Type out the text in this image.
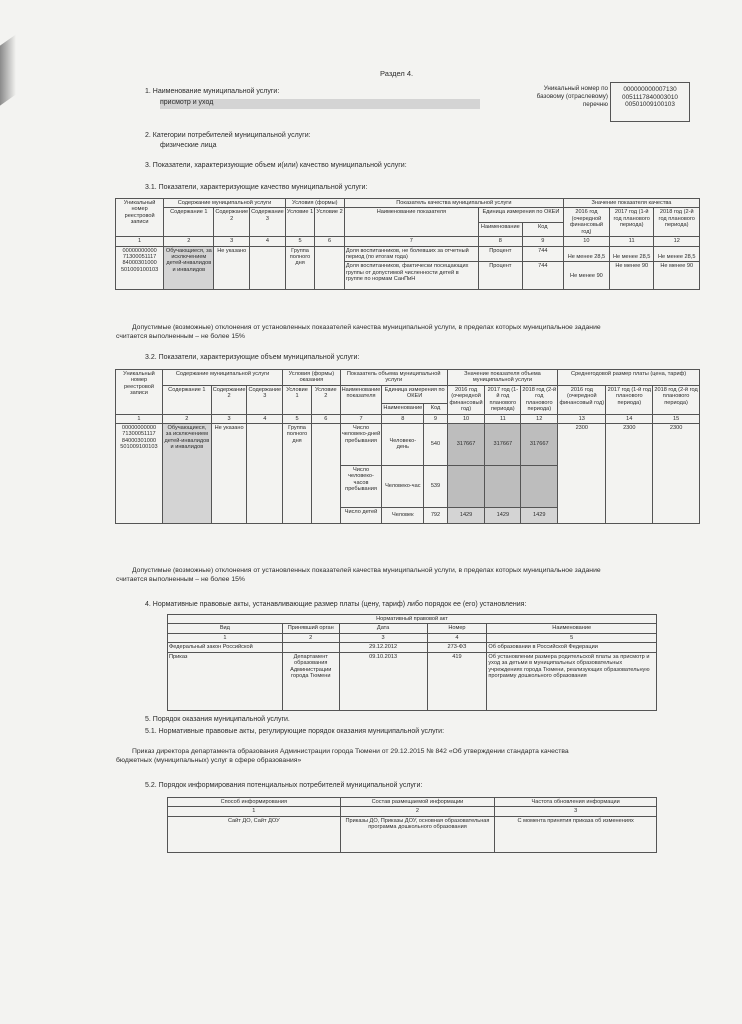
Раздел 4.
1. Наименование муниципальной услуги:
присмотр и уход
Уникальный номер по
базовому (отраслевому)
перечню
000000000007130
0051117840003010
00501009100103
2. Категории потребителей муниципальной услуги:
физические лица
3. Показатели, характеризующие объем и(или) качество муниципальной услуги:
3.1. Показатели, характеризующие качество муниципальной услуги:
Уникальный номер реестровой записи	Содержание муниципальной услуги			Условия (формы)		Показатель качества муниципальной услуги			Значение показателя качества		
	Содержание 1	Содержание 2	Содержание 3	Условие 1	Условие 2	Наименование показателя	Единица измерения по ОКЕИ		2016 год (очередной финансовый год)	2017 год (1-й год планового периода)	2018 год (2-й год планового периода)
							Наименование	Код			
1	2	3	4	5	6	7	8	9	10	11	12
00000000000 71300051117 84000301000 501009100103	Обучающиеся, за исключением детей-инвалидов и инвалидов	Не указано		Группа полного дня		Доля воспитанников, не болевших за отчетный период (по итогам года)	Процент	744	Не менее 28,5	Не менее 28,5	Не менее 28,5
						Доля воспитанников, фактически посещающих группы от допустимой численности детей в группе по нормам СанПиН	Процент	744	Не менее 90	Не менее 90	Не менее 90
Допустимые (возможные) отклонения от установленных показателей качества муниципальной услуги, в пределах которых муниципальное задание
считается выполненным – не более 15%
3.2. Показатели, характеризующие объем муниципальной услуги:
Уникальный номер реестровой записи	Содержание муниципальной услуги			Условия (формы) оказания		Показатель объема муниципальной услуги			Значение показателя объема муниципальной услуги			Среднегодовой размер платы (цена, тариф)		
	Содержание 1	Содержание 2	Содержание 3	Условие 1	Условие 2	Наименование показателя	Единица измерения по ОКЕИ		2016 год (очередной финансовый год)	2017 год (1-й год планового периода)	2018 год (2-й год планового периода)	2016 год (очередной финансовый год)	2017 год (1-й год планового периода)	2018 год (2-й год планового периода)
							Наименование	Код						
1	2	3	4	5	6	7	8	9	10	11	12	13	14	15
00000000000 71300051117 84000301000 501009100103	Обучающиеся, за исключением детей-инвалидов и инвалидов	Не указано		Группа полного дня		Число человеко-дней пребывания	Человеко-день	540	317667	317667	317667	2300	2300	2300
						Число человеко-часов пребывания	Человеко-час	539						
						Число детей	Человек	792	1429	1429	1429			
Допустимые (возможные) отклонения от установленных показателей качества муниципальной услуги, в пределах которых муниципальное задание
считается выполненным – не более 15%
4. Нормативные правовые акты, устанавливающие размер платы (цену, тариф) либо порядок ее (его) установления:
Нормативный правовой акт				
Вид	Принявший орган	Дата	Номер	Наименование
1	2	3	4	5
Федеральный закон Российской		29.12.2012	273-ФЗ	Об образовании в Российской Федерации
Приказ	Департамент образования Администрации города Тюмени	09.10.2013	419	Об установлении размера родительской платы за присмотр и уход за детьми в муниципальных образовательных учреждениях города Тюмени, реализующих образовательную программу дошкольного образования
5. Порядок оказания муниципальной услуги.
5.1. Нормативные правовые акты, регулирующие порядок оказания муниципальной услуги:
Приказ директора департамента образования Администрации города Тюмени от 29.12.2015 № 842 «Об утверждении стандарта качества
бюджетных (муниципальных) услуг в сфере образования»
5.2. Порядок информирования потенциальных потребителей муниципальной услуги:
Способ информирования	Состав размещаемой информации	Частота обновления информации
1	2	3
Сайт ДО, Сайт ДОУ	Приказы ДО, Приказы ДОУ, основная образовательная программа дошкольного образования	С момента принятия приказа об изменениях
